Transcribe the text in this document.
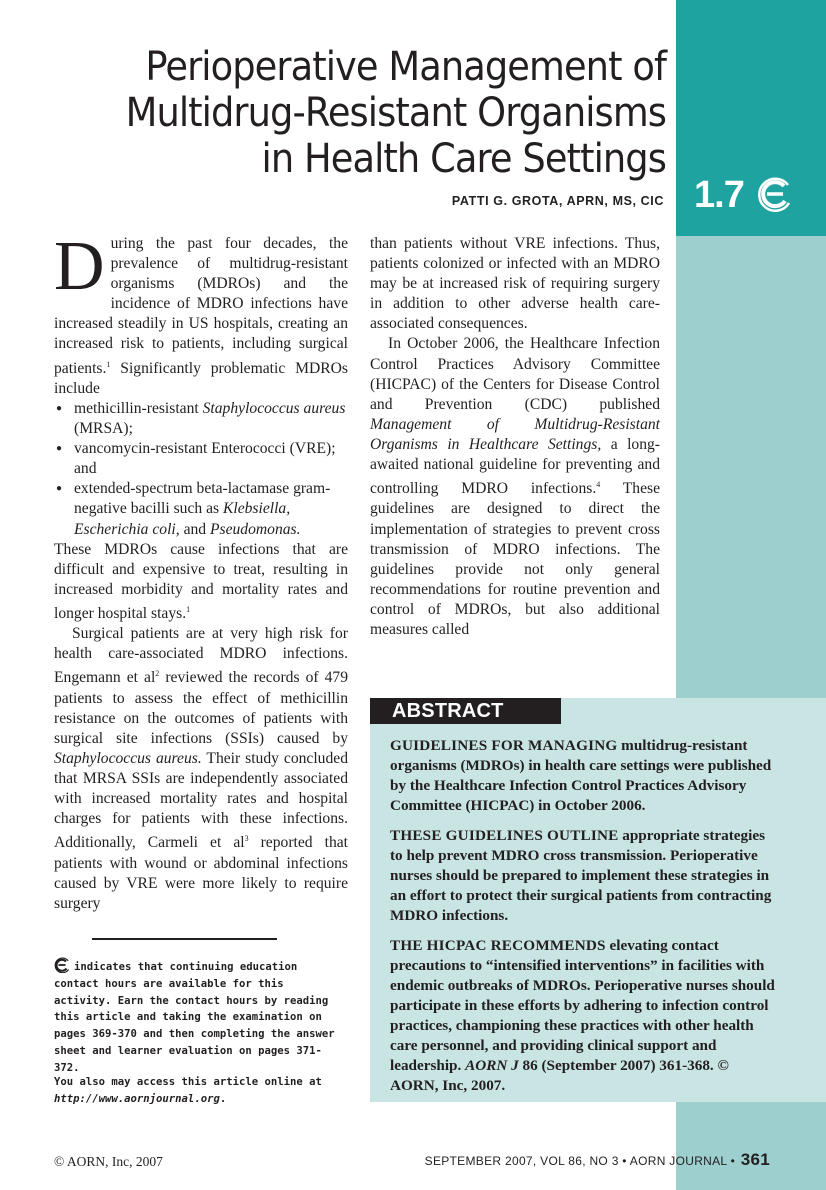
1.7
Perioperative Management of
Multidrug-Resistant Organisms
in Health Care Settings
PATTI G. GROTA, APRN, MS, CIC

During the past four decades, the prevalence of multidrug-resistant organisms (MDROs) and the incidence of MDRO infections have increased steadily in US hospitals, creating an increased risk to patients, including surgical patients.$^1$ Significantly problematic MDROs include

● methicillin-resistant Staphylococcus aureus (MRSA);
● vancomycin-resistant Enterococci (VRE); and
● extended-spectrum beta-lactamase gram-negative bacilli such as Klebsiella, Escherichia coli, and Pseudomonas.

These MDROs cause infections that are difficult and expensive to treat, resulting in increased morbidity and mortality rates and longer hospital stays.$^1$

Surgical patients are at very high risk for health care-associated MDRO infections. Engemann et $al^2$ reviewed the records of 479 patients to assess the effect of methicillin resistance on the outcomes of patients with surgical site infections (SSIs) caused by Staphylococcus aureus. Their study concluded that MRSA SSIs are independently associated with increased mortality rates and hospital charges for patients with these infections. Additionally, Carmeli et $al^3$ reported that patients with wound or abdominal infections caused by VRE were more likely to require surgery

than patients without VRE infections. Thus, patients colonized or infected with an MDRO may be at increased risk of requiring surgery in addition to other adverse health care-associated consequences.

In October 2006, the Healthcare Infection Control Practices Advisory Committee (HICPAC) of the Centers for Disease Control and Prevention (CDC) published Management of Multidrug-Resistant Organisms in Healthcare Settings, a long-awaited national guideline for preventing and controlling MDRO infections.$^4$ These guidelines are designed to direct the implementation of strategies to prevent cross transmission of MDRO infections. The guidelines provide not only general recommendations for routine prevention and control of MDROs, but also additional measures called

indicates that continuing education contact hours are available for this activity. Earn the contact hours by reading this article and taking the examination on pages 369-370 and then completing the answer sheet and learner evaluation on pages 371-372.
You also may access this article online at
http://www.aornjournal.org.
ABSTRACT

GUIDELINES FOR MANAGING multidrug-resistant organisms (MDROs) in health care settings were published by the Healthcare Infection Control Practices Advisory Committee (HICPAC) in October 2006.

THESE GUIDELINES OUTLINE appropriate strategies to help prevent MDRO cross transmission. Perioperative nurses should be prepared to implement these strategies in an effort to protect their surgical patients from contracting MDRO infections.

THE HICPAC RECOMMENDS elevating contact precautions to “intensified interventions” in facilities with endemic outbreaks of MDROs. Perioperative nurses should participate in these efforts by adhering to infection control practices, championing these practices with other health care personnel, and providing clinical support and leadership. AORN J 86 (September 2007) 361-368. © AORN, Inc, 2007.

© AORN, Inc, 2007	SEPTEMBER 2007, VOL 86, NO 3 • AORN JOURNAL • 361
